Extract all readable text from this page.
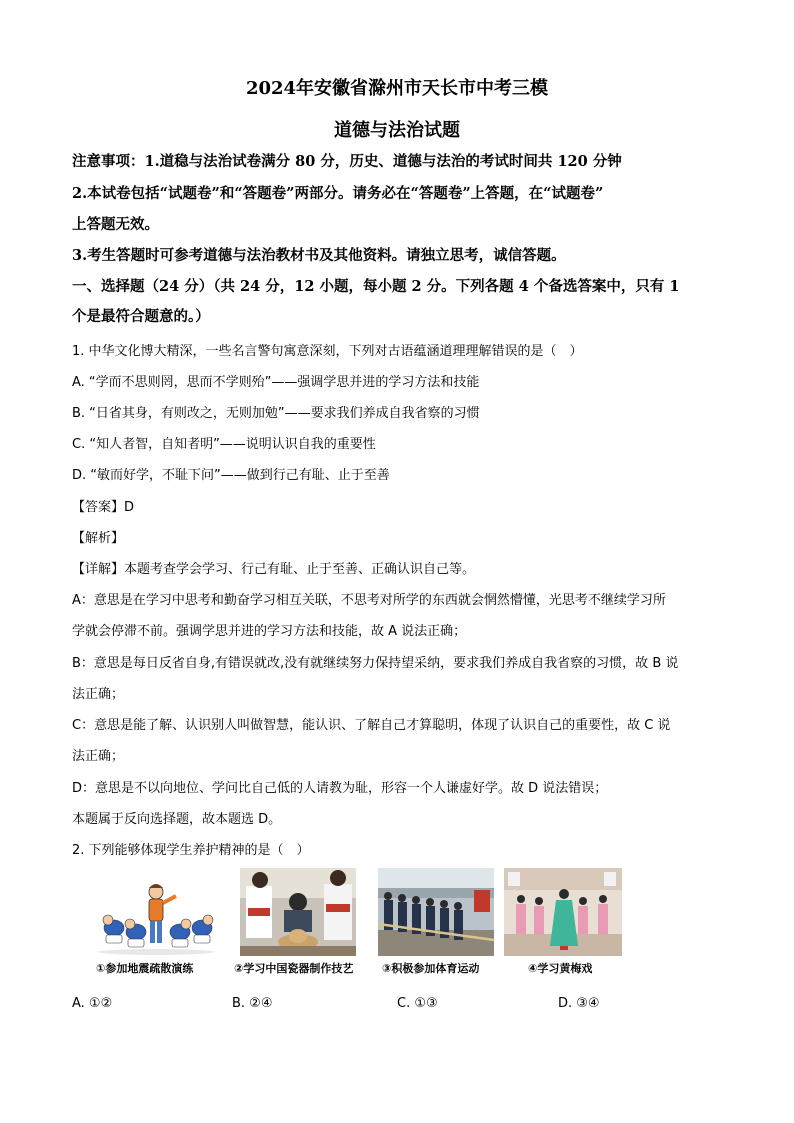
2024年安徽省滁州市天长市中考三模
道德与法治试题
注意事项：1.道稳与法治试卷满分 80 分，历史、道德与法治的考试时间共 120 分钟
2.本试卷包括“试题卷”和“答题卷”两部分。请务必在“答题卷”上答题，在“试题卷”
上答题无效。
3.考生答题时可参考道德与法治教材书及其他资料。请独立思考，诚信答题。
一、选择题（24 分）（共 24 分，12 小题，每小题 2 分。下列各题 4 个备选答案中，只有 1
个是最符合题意的。）
1. 中华文化博大精深，一些名言警句寓意深刻，下列对古语蕴涵道理理解错误的是（　）
A. “学而不思则罔，思而不学则殆”——强调学思并进的学习方法和技能
B. “日省其身，有则改之，无则加勉”——要求我们养成自我省察的习惯
C. “知人者智，自知者明”——说明认识自我的重要性
D. “敏而好学，不耻下问”——做到行己有耻、止于至善
【答案】D
【解析】
【详解】本题考查学会学习、行己有耻、止于至善、正确认识自己等。
A：意思是在学习中思考和勤奋学习相互关联，不思考对所学的东西就会惘然懵懂，光思考不继续学习所
学就会停滞不前。强调学思并进的学习方法和技能，故 A 说法正确；
B：意思是每日反省自身,有错误就改,没有就继续努力保持望采纳，要求我们养成自我省察的习惯，故 B 说
法正确；
C：意思是能了解、认识别人叫做智慧，能认识、了解自己才算聪明，体现了认识自己的重要性，故 C 说
法正确；
D：意思是不以向地位、学问比自己低的人请教为耻，形容一个人谦虚好学。故 D 说法错误；
本题属于反向选择题，故本题选 D。
2. 下列能够体现学生养护精神的是（　）
①参加地震疏散演练	②学习中国瓷器制作技艺	③积极参加体育运动	④学习黄梅戏
A. ①②	B. ②④	C. ①③	D. ③④
